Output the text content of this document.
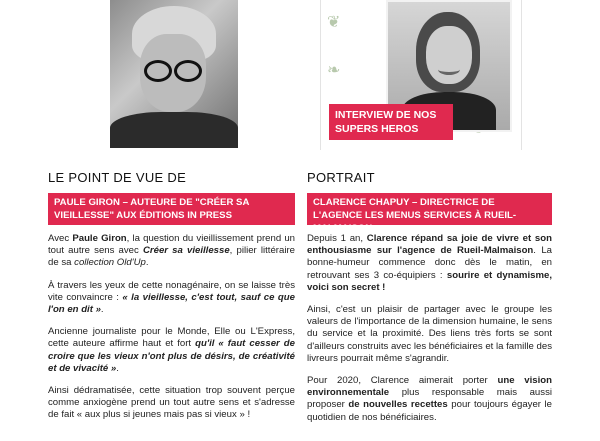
❦
❧
INTERVIEW DE NOS SUPERS HEROS
LE POINT DE VUE DE	PORTRAIT
PAULE GIRON – AUTEURE DE "CRÉER SA VIEILLESSE" AUX ÉDITIONS IN PRESS
CLARENCE CHAPUY – DIRECTRICE DE L'AGENCE LES MENUS SERVICES À RUEIL-MALMAISON

Avec Paule Giron, la question du vieillissement prend un tout autre sens avec Créer sa vieillesse, pilier littéraire de sa collection Old'Up.

À travers les yeux de cette nonagénaire, on se laisse très vite convaincre : « la vieillesse, c'est tout, sauf ce que l'on en dit ».

Ancienne journaliste pour le Monde, Elle ou L'Express, cette auteure affirme haut et fort qu'il « faut cesser de croire que les vieux n'ont plus de désirs, de créativité et de vivacité ».

Ainsi dédramatisée, cette situation trop souvent perçue comme anxiogène prend un tout autre sens et s'adresse de fait « aux plus si jeunes mais pas si vieux » !

Depuis 1 an, Clarence répand sa joie de vivre et son enthousiasme sur l'agence de Rueil-Malmaison. La bonne-humeur commence donc dès le matin, en retrouvant ses 3 co-équipiers : sourire et dynamisme, voici son secret !

Ainsi, c'est un plaisir de partager avec le groupe les valeurs de l'importance de la dimension humaine, le sens du service et la proximité. Des liens très forts se sont d'ailleurs construits avec les bénéficiaires et la famille des livreurs pourrait même s'agrandir.

Pour 2020, Clarence aimerait porter une vision environnementale plus responsable mais aussi proposer de nouvelles recettes pour toujours égayer le quotidien de nos bénéficiaires.
